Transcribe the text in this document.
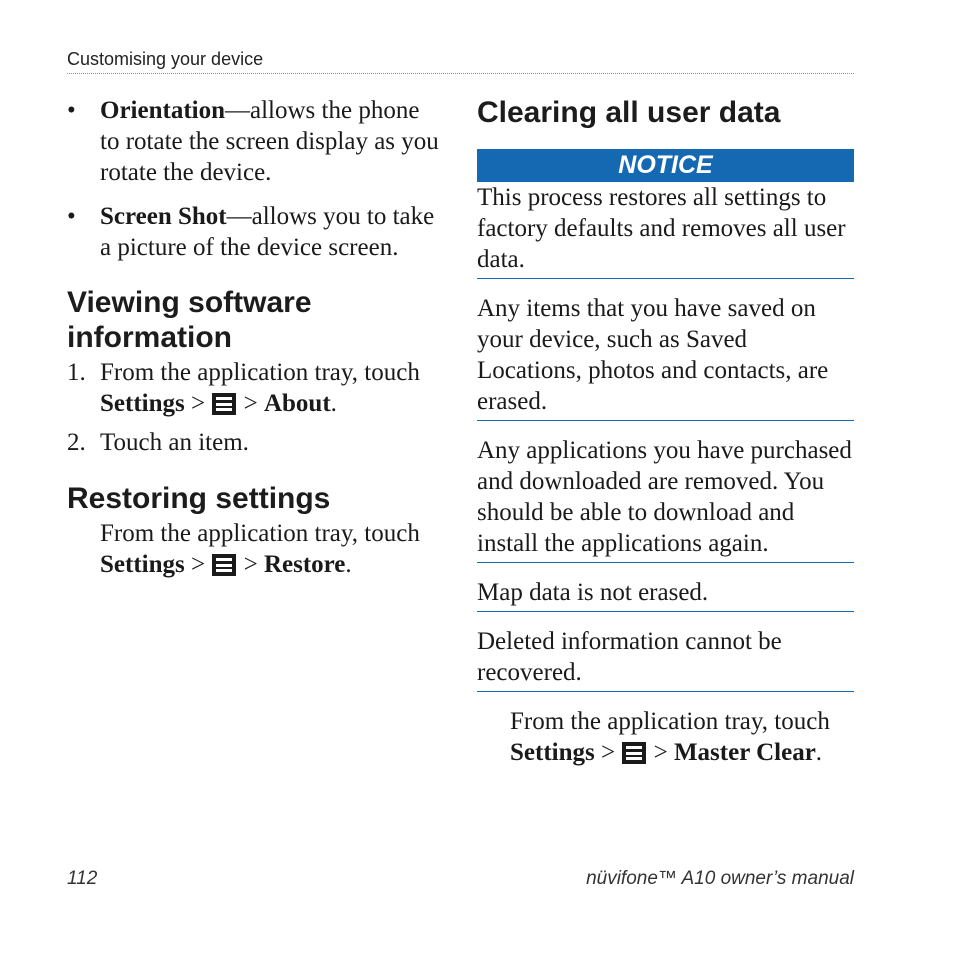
Customising your device
• Orientation—allows the phone to rotate the screen display as you rotate the device.
• Screen Shot—allows you to take a picture of the device screen.
Viewing software information
1. From the application tray, touch
Settings > > About.
2. Touch an item.
Restoring settings
From the application tray, touch
Settings > > Restore.
Clearing all user data
NOTICE
This process restores all settings to factory defaults and removes all user data.
Any items that you have saved on your device, such as Saved Locations, photos and contacts, are erased.
Any applications you have purchased and downloaded are removed. You should be able to download and install the applications again.
Map data is not erased.
Deleted information cannot be recovered.
From the application tray, touch
Settings > > Master Clear.
112	nüvifone™ A10 owner’s manual
